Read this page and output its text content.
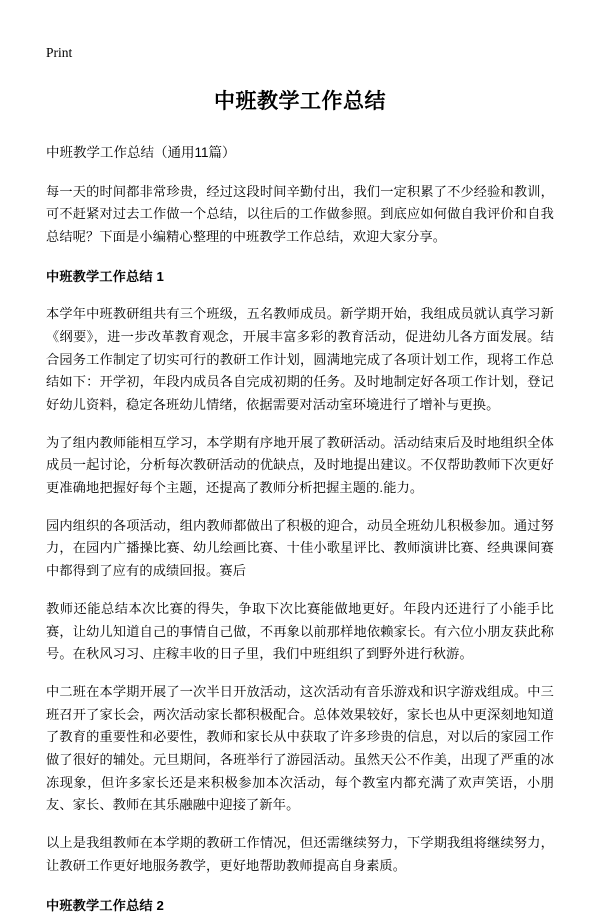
Print
中班教学工作总结
中班教学工作总结（通用11篇）

每一天的时间都非常珍贵，经过这段时间辛勤付出，我们一定积累了不少经验和教训，可不赶紧对过去工作做一个总结，以往后的工作做参照。到底应如何做自我评价和自我总结呢？下面是小编精心整理的中班教学工作总结，欢迎大家分享。

中班教学工作总结 1

本学年中班教研组共有三个班级，五名教师成员。新学期开始，我组成员就认真学习新《纲要》，进一步改革教育观念，开展丰富多彩的教育活动，促进幼儿各方面发展。结合园务工作制定了切实可行的教研工作计划，圆满地完成了各项计划工作，现将工作总结如下：开学初，年段内成员各自完成初期的任务。及时地制定好各项工作计划，登记好幼儿资料，稳定各班幼儿情绪，依据需要对活动室环境进行了增补与更换。

为了组内教师能相互学习，本学期有序地开展了教研活动。活动结束后及时地组织全体成员一起讨论，分析每次教研活动的优缺点，及时地提出建议。不仅帮助教师下次更好更准确地把握好每个主题，还提高了教师分析把握主题的.能力。

园内组织的各项活动，组内教师都做出了积极的迎合，动员全班幼儿积极参加。通过努力，在园内广播操比赛、幼儿绘画比赛、十佳小歌星评比、教师演讲比赛、经典课间赛中都得到了应有的成绩回报。赛后

教师还能总结本次比赛的得失，争取下次比赛能做地更好。年段内还进行了小能手比赛，让幼儿知道自己的事情自己做，不再象以前那样地依赖家长。有六位小朋友获此称号。在秋风习习、庄稼丰收的日子里，我们中班组织了到野外进行秋游。

中二班在本学期开展了一次半日开放活动，这次活动有音乐游戏和识字游戏组成。中三班召开了家长会，两次活动家长都积极配合。总体效果较好，家长也从中更深刻地知道了教育的重要性和必要性，教师和家长从中获取了许多珍贵的信息，对以后的家园工作做了很好的辅处。元旦期间，各班举行了游园活动。虽然天公不作美，出现了严重的冰冻现象，但许多家长还是来积极参加本次活动，每个教室内都充满了欢声笑语，小朋友、家长、教师在其乐融融中迎接了新年。

以上是我组教师在本学期的教研工作情况，但还需继续努力，下学期我组将继续努力，让教研工作更好地服务教学，更好地帮助教师提高自身素质。

中班教学工作总结 2
